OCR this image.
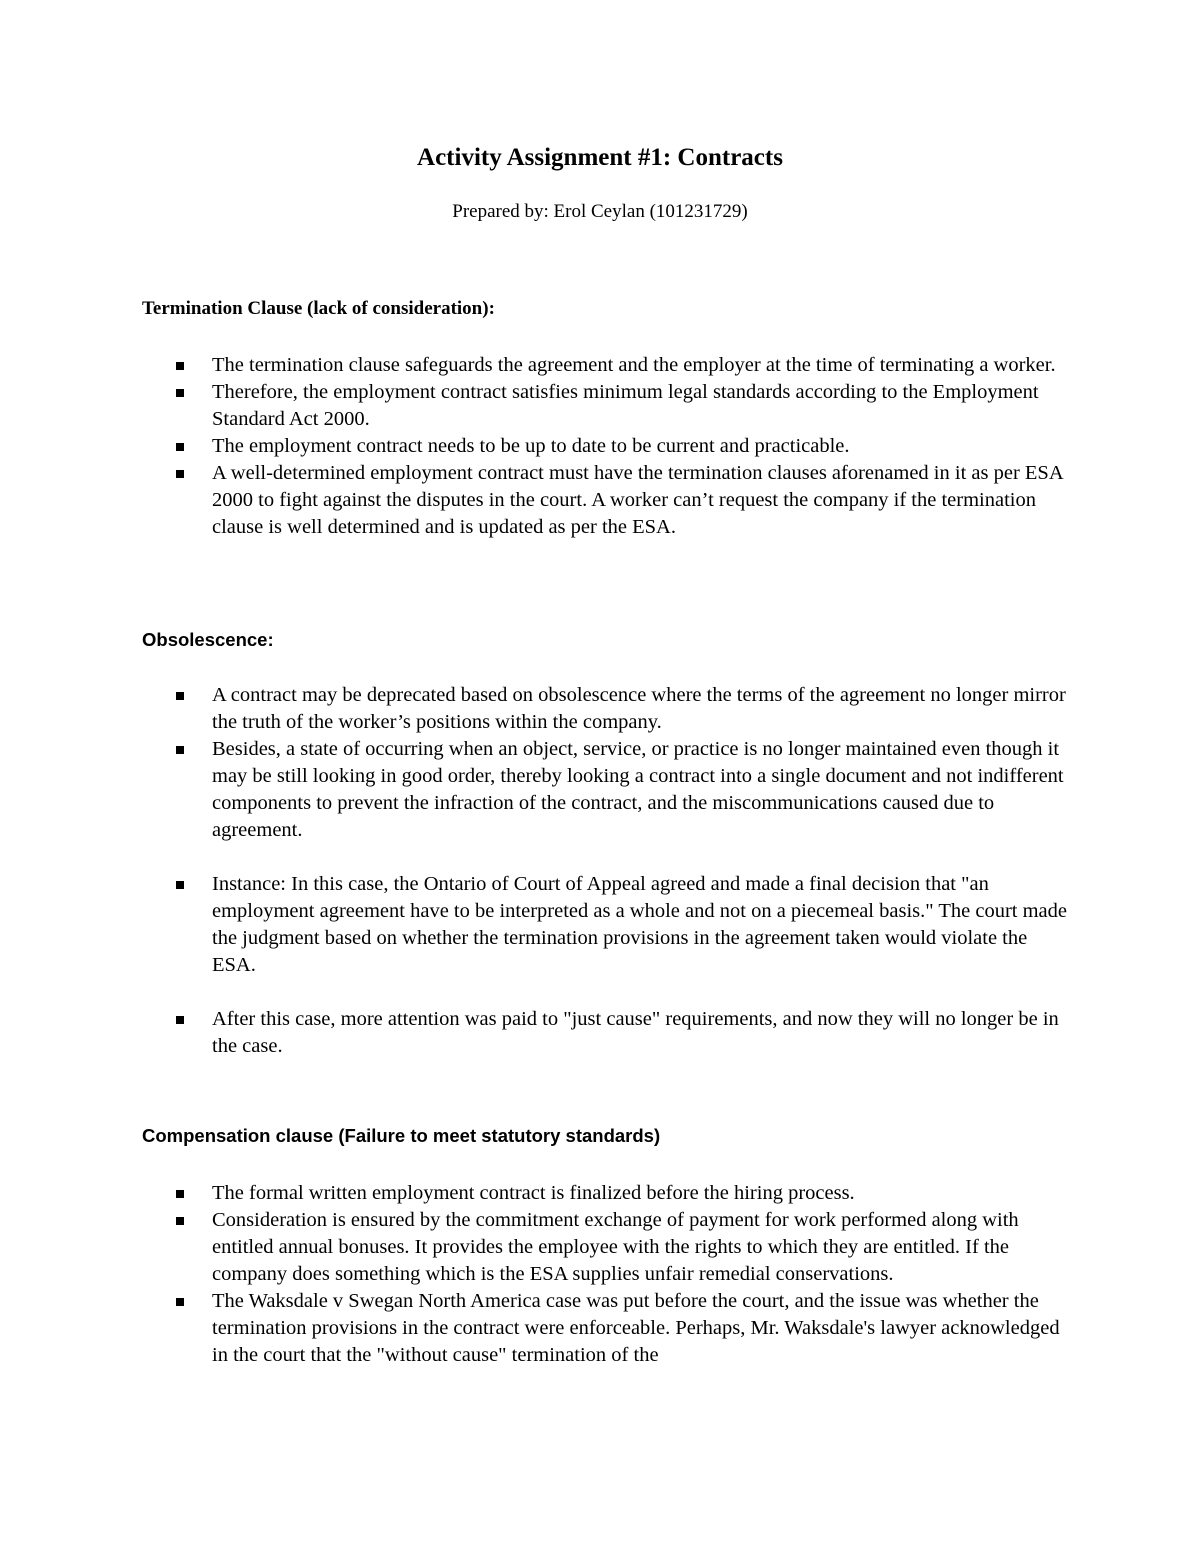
Activity Assignment #1: Contracts

Prepared by: Erol Ceylan (101231729)

Termination Clause (lack of consideration):
The termination clause safeguards the agreement and the employer at the time of terminating a worker.
Therefore, the employment contract satisfies minimum legal standards according to the Employment Standard Act 2000.
The employment contract needs to be up to date to be current and practicable.
A well-determined employment contract must have the termination clauses aforenamed in it as per ESA 2000 to fight against the disputes in the court. A worker can’t request the company if the termination clause is well determined and is updated as per the ESA.
Obsolescence:
A contract may be deprecated based on obsolescence where the terms of the agreement no longer mirror the truth of the worker’s positions within the company.
Besides, a state of occurring when an object, service, or practice is no longer maintained even though it may be still looking in good order, thereby looking a contract into a single document and not indifferent components to prevent the infraction of the contract, and the miscommunications caused due to agreement.
Instance: In this case, the Ontario of Court of Appeal agreed and made a final decision that "an employment agreement have to be interpreted as a whole and not on a piecemeal basis." The court made the judgment based on whether the termination provisions in the agreement taken would violate the ESA.
After this case, more attention was paid to "just cause" requirements, and now they will no longer be in the case.
Compensation clause (Failure to meet statutory standards)
The formal written employment contract is finalized before the hiring process.
Consideration is ensured by the commitment exchange of payment for work performed along with entitled annual bonuses. It provides the employee with the rights to which they are entitled. If the company does something which is the ESA supplies unfair remedial conservations.
The Waksdale v Swegan North America case was put before the court, and the issue was whether the termination provisions in the contract were enforceable. Perhaps, Mr. Waksdale's lawyer acknowledged in the court that the "without cause" termination of the
